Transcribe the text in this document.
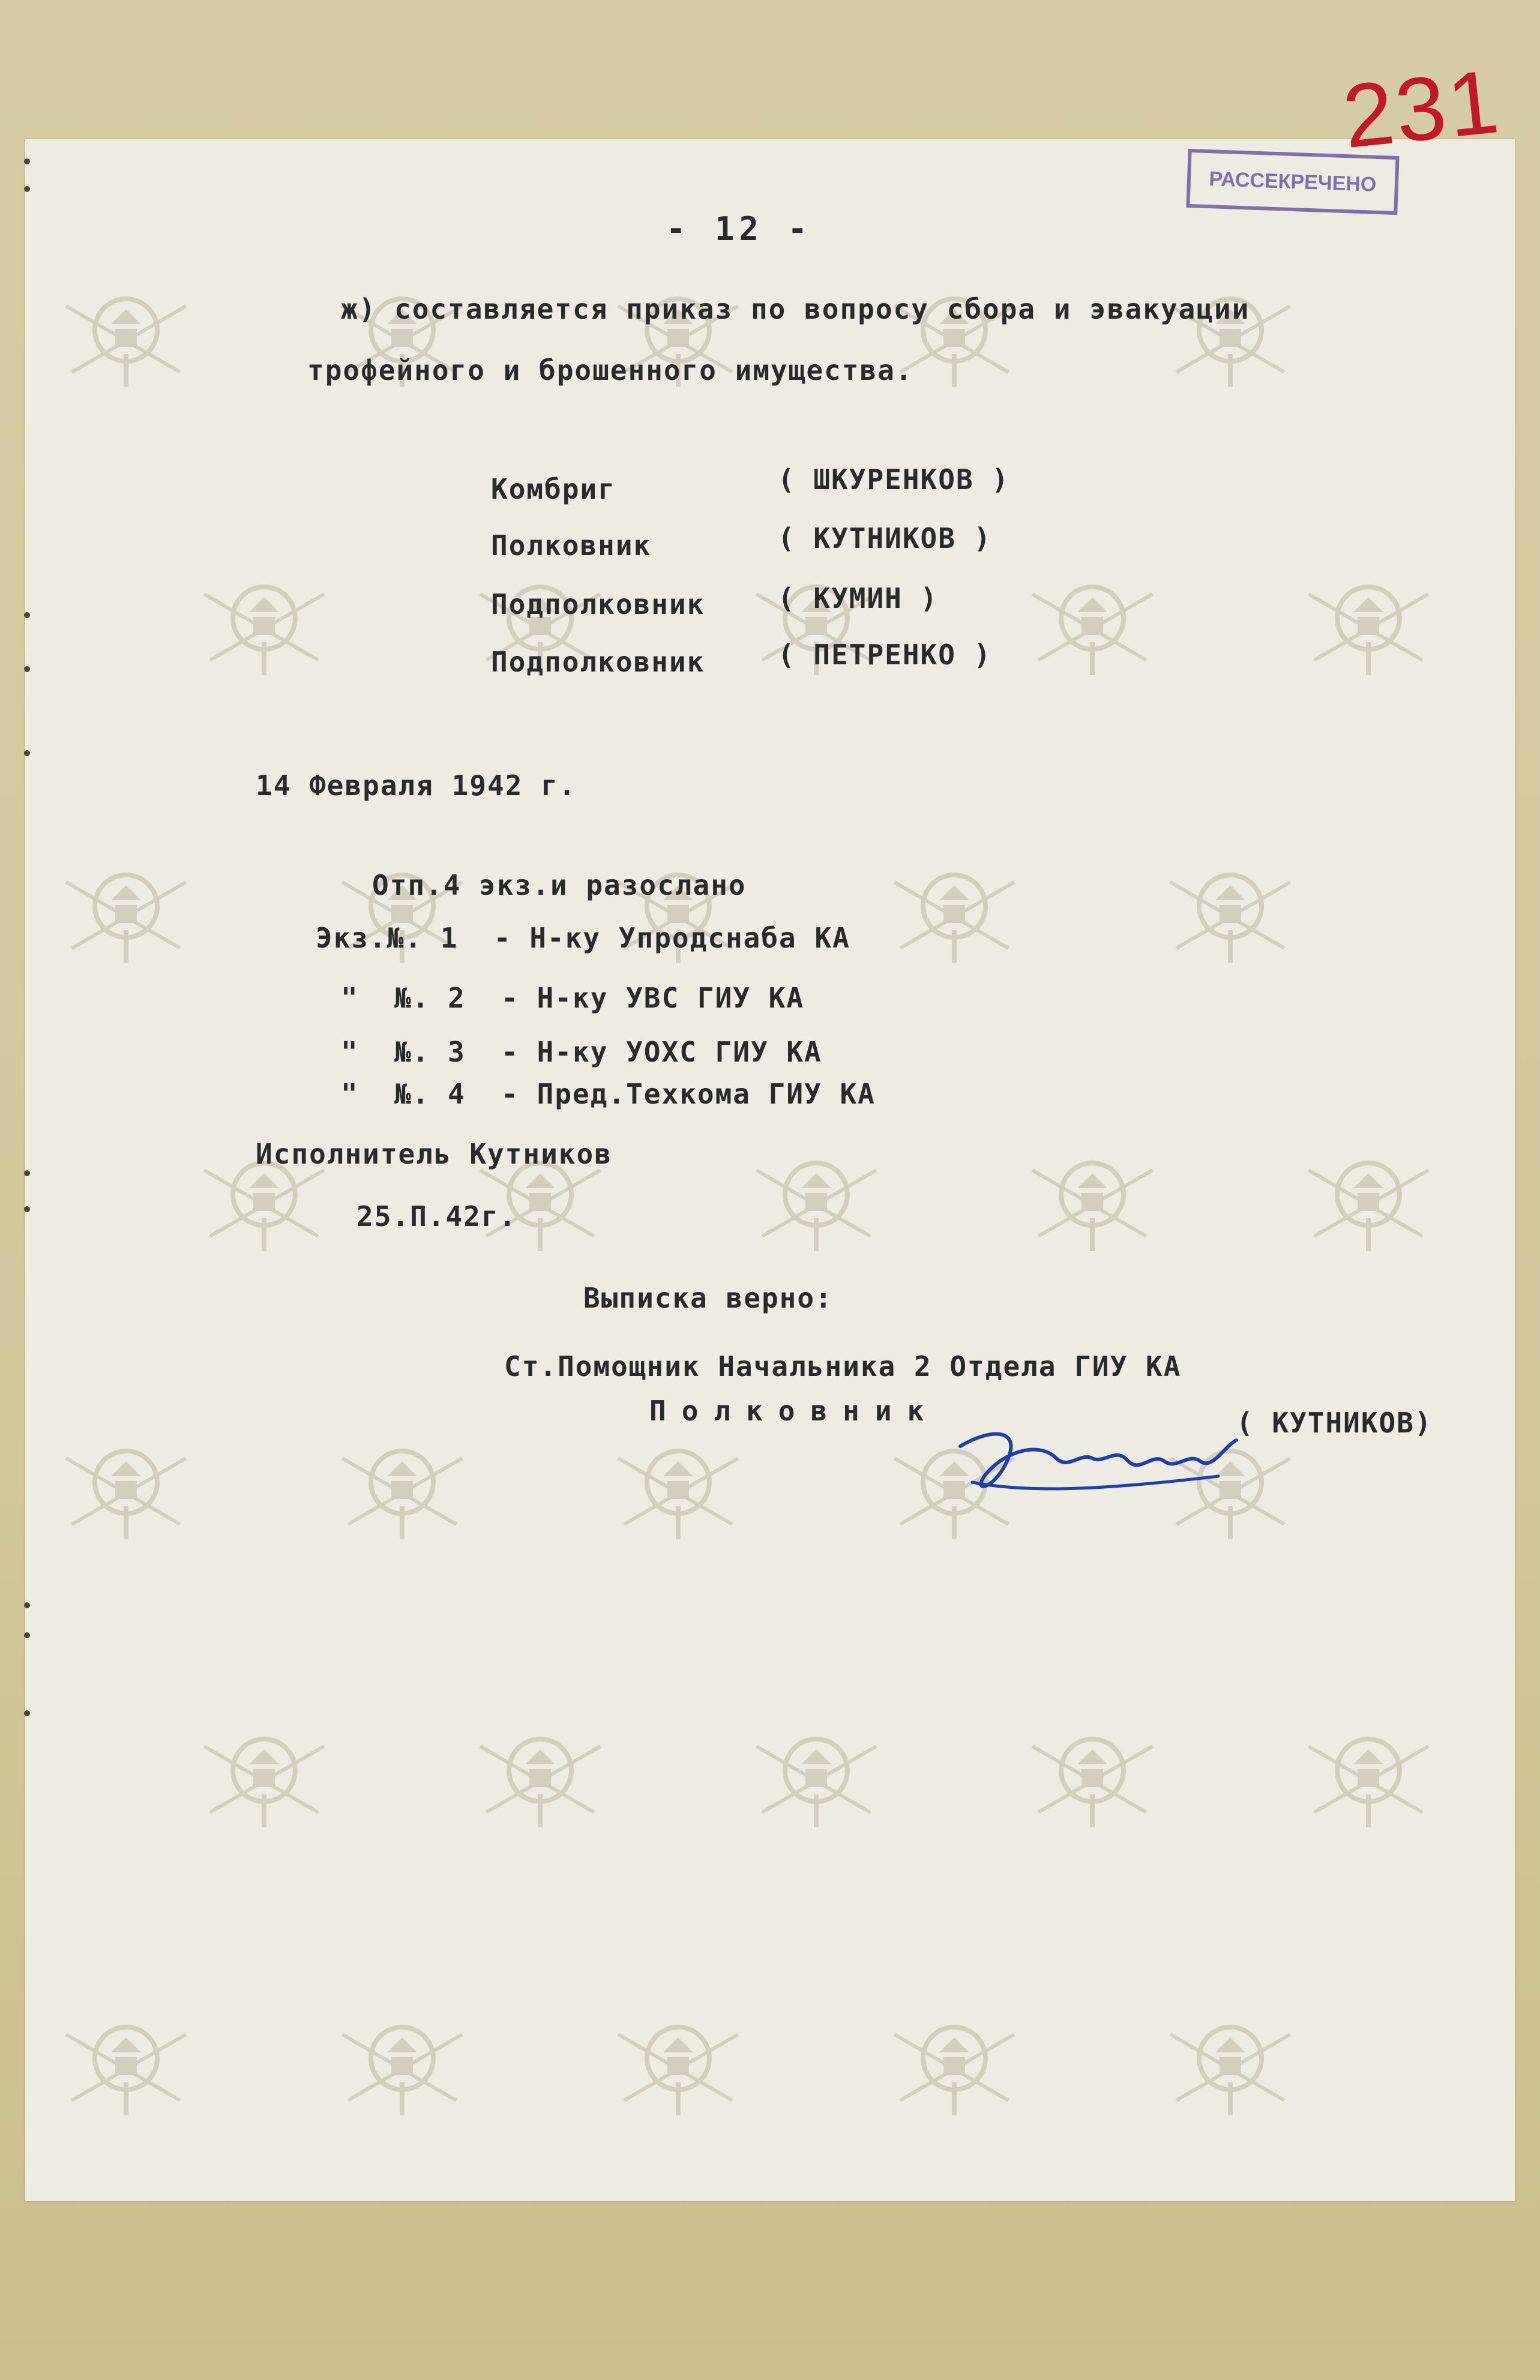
231
РАССЕКРЕЧЕНО
- 12 -
ж) составляется приказ по вопросу сбора и эвакуации
трофейного и брошенного имущества.
Комбриг	( ШКУРЕНКОВ )
Полковник	( КУТНИКОВ )
Подполковник	( КУМИН )
Подполковник	( ПЕТРЕНКО )
14 Февраля 1942 г.
Отп.4 экз.и разослано
Экз.№. 1  - Н-ку Упродснаба КА
"  №. 2  - Н-ку УВС ГИУ КА
"  №. 3  - Н-ку УОХС ГИУ КА
"  №. 4  - Пред.Техкома ГИУ КА
Исполнитель Кутников
25.П.42г.
Выписка верно:
Ст.Помощник Начальника 2 Отдела ГИУ КА
Полковник	( КУТНИКОВ)
